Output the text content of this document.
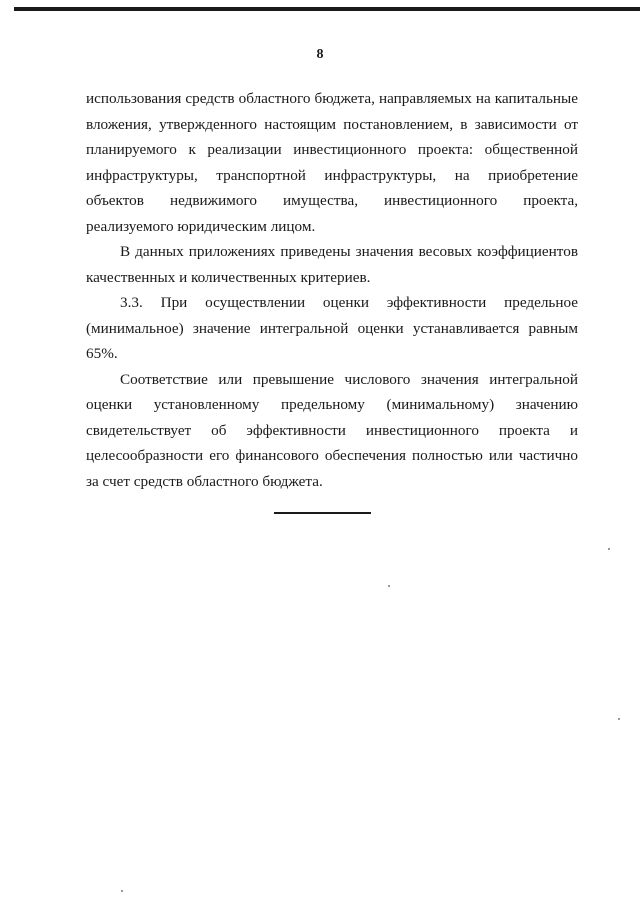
8

использования средств областного бюджета, направляемых на капитальные вложения, утвержденного настоящим постановлением, в зависимости от планируемого к реализации инвестиционного проекта: общественной инфраструктуры, транспортной инфраструктуры, на приобретение объектов недвижимого имущества, инвестиционного проекта, реализуемого юридическим лицом.

В данных приложениях приведены значения весовых коэффициентов качественных и количественных критериев.

3.3. При осуществлении оценки эффективности предельное (минимальное) значение интегральной оценки устанавливается равным 65%.

Соответствие или превышение числового значения интегральной оценки установленному предельному (минимальному) значению свидетельствует об эффективности инвестиционного проекта и целесообразности его финансового обеспечения полностью или частично за счет средств областного бюджета.
